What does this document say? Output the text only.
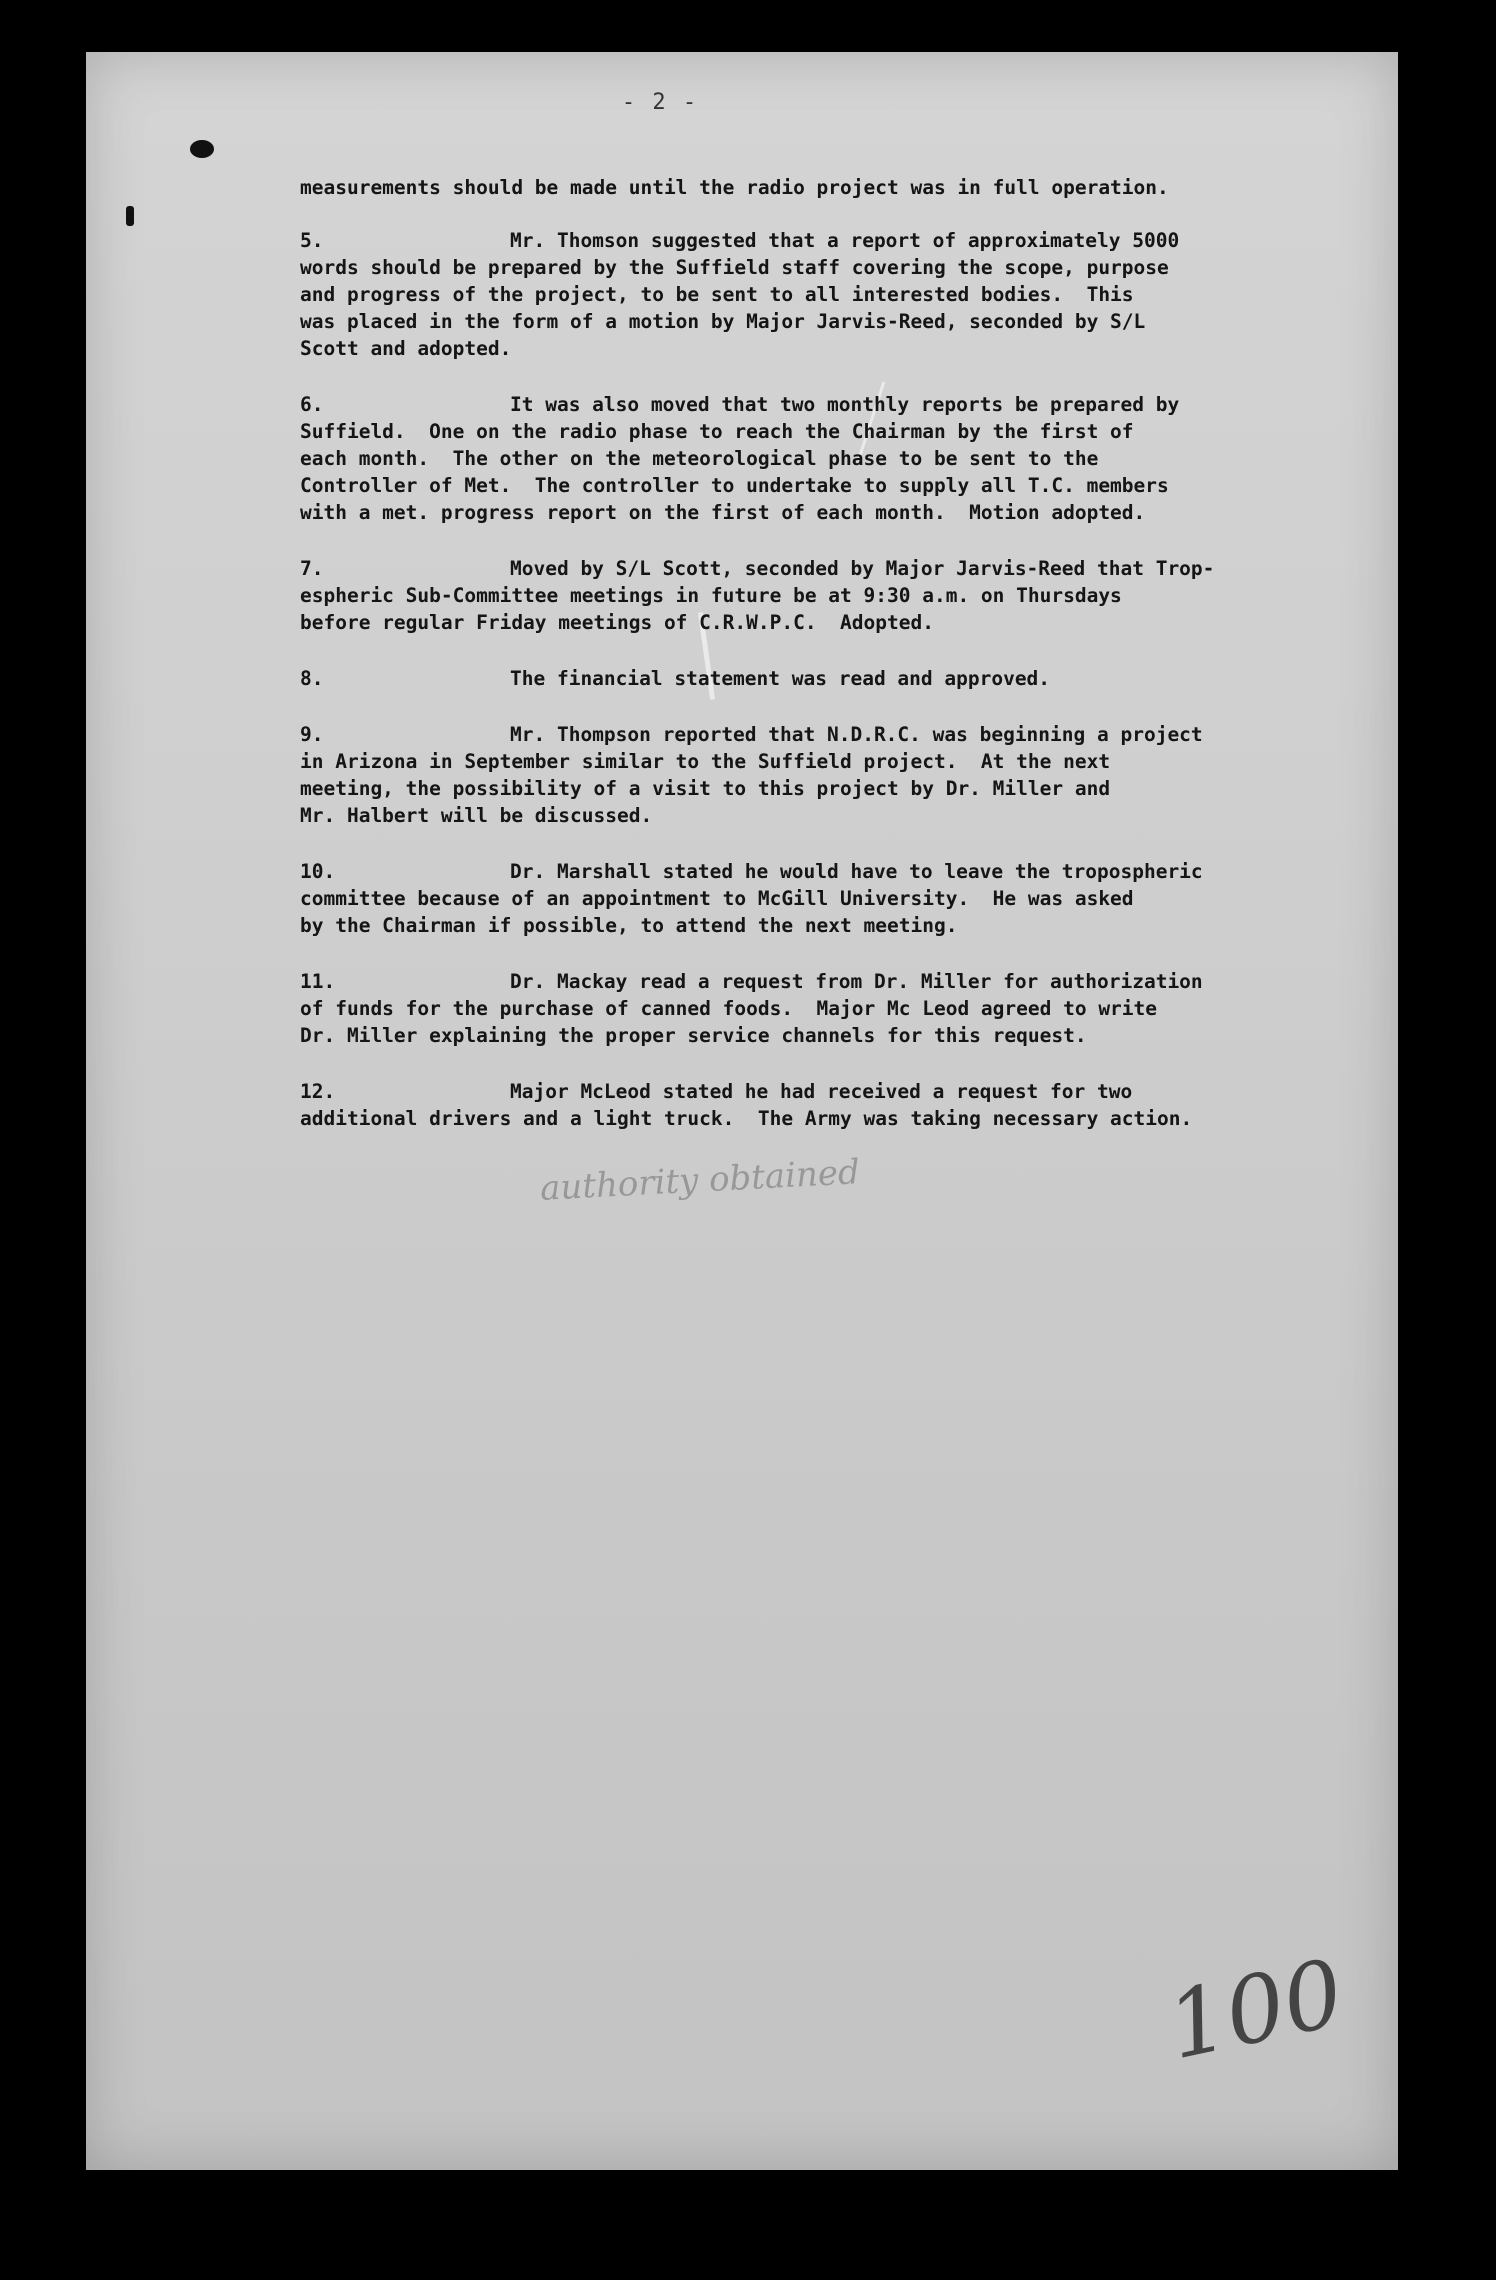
- 2 -
measurements should be made until the radio project was in full operation.
5.	Mr. Thomson suggested that a report of approximately 5000
words should be prepared by the Suffield staff covering the scope, purpose
and progress of the project, to be sent to all interested bodies.  This
was placed in the form of a motion by Major Jarvis-Reed, seconded by S/L
Scott and adopted.
6.	It was also moved that two monthly reports be prepared by
Suffield.  One on the radio phase to reach the Chairman by the first of
each month.  The other on the meteorological phase to be sent to the
Controller of Met.  The controller to undertake to supply all T.C. members
with a met. progress report on the first of each month.  Motion adopted.
7.	Moved by S/L Scott, seconded by Major Jarvis-Reed that Trop-
espheric Sub-Committee meetings in future be at 9:30 a.m. on Thursdays
before regular Friday meetings of C.R.W.P.C.  Adopted.
8.	The financial statement was read and approved.
9.	Mr. Thompson reported that N.D.R.C. was beginning a project
in Arizona in September similar to the Suffield project.  At the next
meeting, the possibility of a visit to this project by Dr. Miller and
Mr. Halbert will be discussed.
10.	Dr. Marshall stated he would have to leave the tropospheric
committee because of an appointment to McGill University.  He was asked
by the Chairman if possible, to attend the next meeting.
11.	Dr. Mackay read a request from Dr. Miller for authorization
of funds for the purchase of canned foods.  Major Mc Leod agreed to write
Dr. Miller explaining the proper service channels for this request.
12.	Major McLeod stated he had received a request for two
additional drivers and a light truck.  The Army was taking necessary action.
authority obtained
100
